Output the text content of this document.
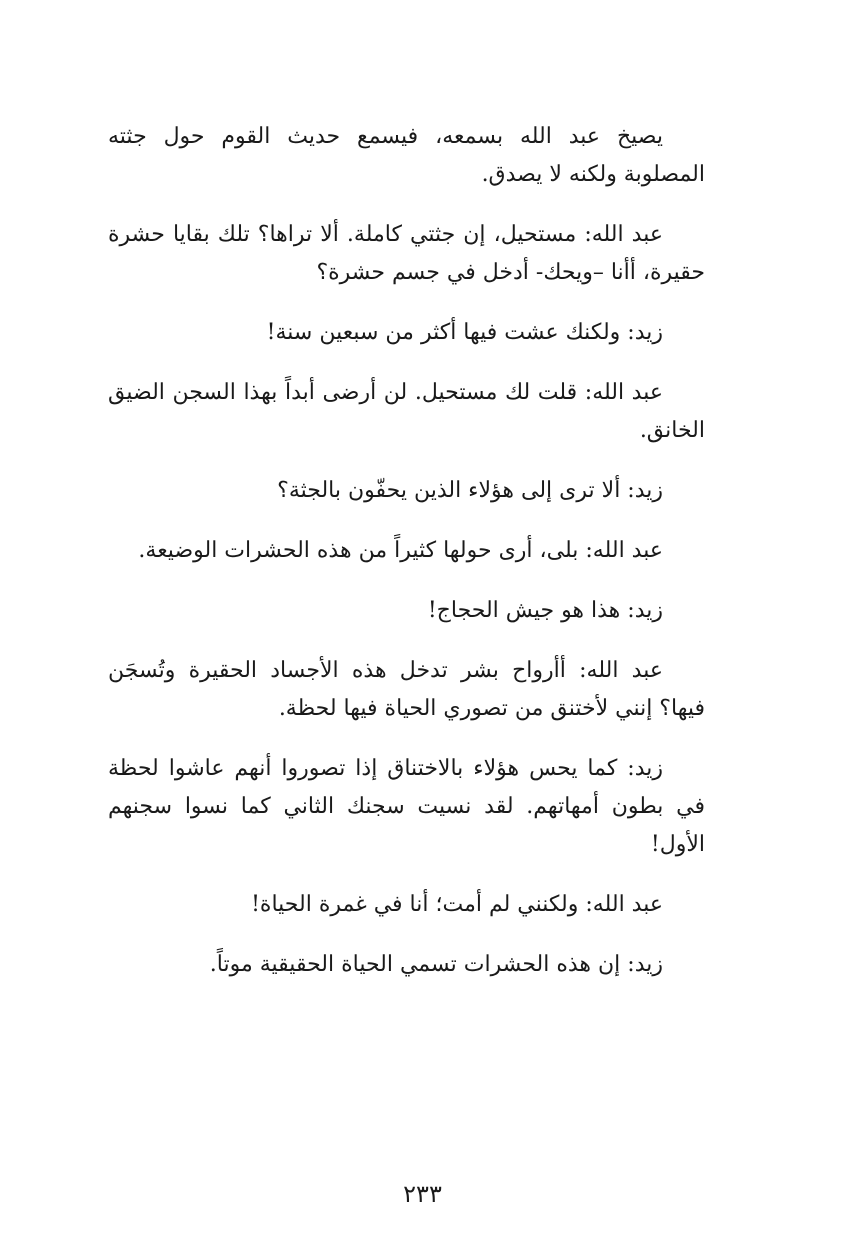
يصيخ عبد الله بسمعه، فيسمع حديث القوم حول جثته المصلوبة ولكنه لا يصدق.

عبد الله: مستحيل، إن جثتي كاملة. ألا تراها؟ تلك بقايا حشرة حقيرة، أأنا –ويحك- أدخل في جسم حشرة؟

زيد: ولكنك عشت فيها أكثر من سبعين سنة!

عبد الله: قلت لك مستحيل. لن أرضى أبداً بهذا السجن الضيق الخانق.

زيد: ألا ترى إلى هؤلاء الذين يحفّون بالجثة؟

عبد الله: بلى، أرى حولها كثيراً من هذه الحشرات الوضيعة.

زيد: هذا هو جيش الحجاج!

عبد الله: أأرواح بشر تدخل هذه الأجساد الحقيرة وتُسجَن فيها؟ إنني لأختنق من تصوري الحياة فيها لحظة.

زيد: كما يحس هؤلاء بالاختناق إذا تصوروا أنهم عاشوا لحظة في بطون أمهاتهم. لقد نسيت سجنك الثاني كما نسوا سجنهم الأول!

عبد الله: ولكنني لم أمت؛ أنا في غمرة الحياة!

زيد: إن هذه الحشرات تسمي الحياة الحقيقية موتاً.

٢٣٣
